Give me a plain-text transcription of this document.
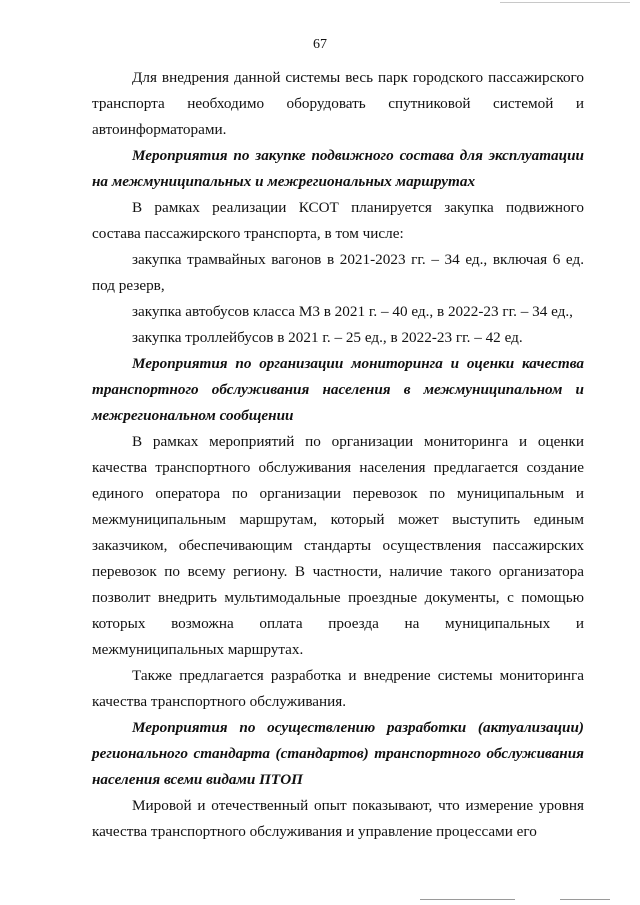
67

Для внедрения данной системы весь парк городского пассажирского транспорта необходимо оборудовать спутниковой системой и автоинформаторами.

Мероприятия по закупке подвижного состава для эксплуатации на межмуниципальных и межрегиональных маршрутах

В рамках реализации КСОТ планируется закупка подвижного состава пассажирского транспорта, в том числе:

закупка трамвайных вагонов в 2021-2023 гг. – 34 ед., включая 6 ед. под резерв,

закупка автобусов класса М3 в 2021 г. – 40 ед., в 2022-23 гг. – 34 ед.,

закупка троллейбусов в 2021 г. – 25 ед., в 2022-23 гг. – 42 ед.

Мероприятия по организации мониторинга и оценки качества транспортного обслуживания населения в межмуниципальном и межрегиональном сообщении

В рамках мероприятий по организации мониторинга и оценки качества транспортного обслуживания населения предлагается создание единого оператора по организации перевозок по муниципальным и межмуниципальным маршрутам, который может выступить единым заказчиком, обеспечивающим стандарты осуществления пассажирских перевозок по всему региону. В частности, наличие такого организатора позволит внедрить мультимодальные проездные документы, с помощью которых возможна оплата проезда на муниципальных и межмуниципальных маршрутах.

Также предлагается разработка и внедрение системы мониторинга качества транспортного обслуживания.

Мероприятия по осуществлению разработки (актуализации) регионального стандарта (стандартов) транспортного обслуживания населения всеми видами ПТОП

Мировой и отечественный опыт показывают, что измерение уровня качества транспортного обслуживания и управление процессами его
